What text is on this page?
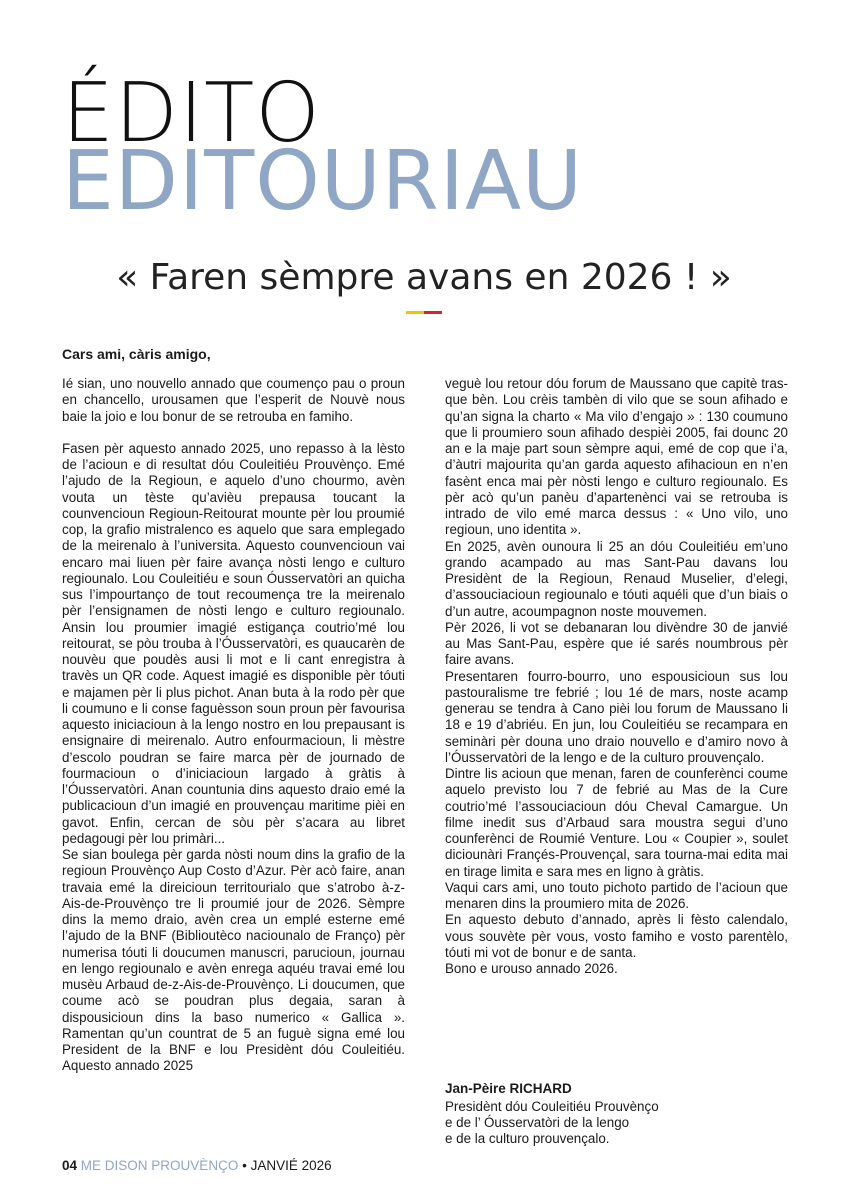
ÉDITO
EDITOURIAU
« Faren sèmpre avans en 2026 ! »
Cars ami, càris amigo,

Ié sian, uno nouvello annado que coumenço pau o proun en chancello, urousamen que l’esperit de Nouvè nous baie la joio e lou bonur de se retrouba en famiho.

Fasen pèr aquesto annado 2025, uno repasso à la lèsto de l’acioun e di resultat dóu Couleitiéu Prouvènço. Emé l’ajudo de la Regioun, e aquelo d’uno chourmo, avèn vouta un tèste qu’avièu prepausa toucant la counvencioun Regioun-Reitourat mounte pèr lou proumié cop, la grafio mistralenco es aquelo que sara emplegado de la meirenalo à l’universita. Aquesto counvencioun vai encaro mai liuen pèr faire avança nòsti lengo e culturo regiounalo. Lou Couleitiéu e soun Óusservatòri an quicha sus l’impourtanço de tout recoumença tre la meirenalo pèr l’ensignamen de nòsti lengo e culturo regiounalo. Ansin lou proumier imagié estigança coutrio’mé lou reitourat, se pòu trouba à l’Óusservatòri, es quaucarèn de nouvèu que poudès ausi li mot e li cant enregistra à travès un QR code. Aquest imagié es disponible pèr tóuti e majamen pèr li plus pichot. Anan buta à la rodo pèr que li coumuno e li conse faguèsson soun proun pèr favourisa aquesto iniciacioun à la lengo nostro en lou prepausant is ensignaire di meirenalo. Autro enfourmacioun, li mèstre d’escolo poudran se faire marca pèr de journado de fourmacioun o d’iniciacioun largado à gràtis à l’Óusservatòri. Anan countunia dins aquesto draio emé la publicacioun d’un imagié en prouvençau maritime pièi en gavot. Enfin, cercan de sòu pèr s’acara au libret pedagougi pèr lou primàri...

Se sian boulega pèr garda nòsti noum dins la grafio de la regioun Prouvènço Aup Costo d’Azur. Pèr acò faire, anan travaia emé la direicioun territourialo que s’atrobo à-z-Ais-de-Prouvènço tre li proumié jour de 2026. Sèmpre dins la memo draio, avèn crea un emplé esterne emé l’ajudo de la BNF (Biblioutèco naciounalo de Franço) pèr numerisa tóuti li doucumen manuscri, parucioun, journau en lengo regiounalo e avèn enrega aquéu travai emé lou musèu Arbaud de-z-Ais-de-Prouvènço. Li doucumen, que coume acò se poudran plus degaia, saran à dispousicioun dins la baso numerico « Gallica ». Ramentan qu’un countrat de 5 an fuguè signa emé lou President de la BNF e lou Presidènt dóu Couleitiéu. Aquesto annado 2025

veguè lou retour dóu forum de Maussano que capitè tras-que bèn. Lou crèis tambèn di vilo que se soun afihado e qu’an signa la charto « Ma vilo d’engajo » : 130 coumuno que li proumiero soun afihado despièi 2005, fai dounc 20 an e la maje part soun sèmpre aqui, emé de cop que i’a, d’àutri majourita qu’an garda aquesto afihacioun en n’en fasènt enca mai pèr nòsti lengo e culturo regiounalo. Es pèr acò qu’un panèu d’apartenènci vai se retrouba is intrado de vilo emé marca dessus : « Uno vilo, uno regioun, uno identita ».

En 2025, avèn ounoura li 25 an dóu Couleitiéu em’uno grando acampado au mas Sant-Pau davans lou Presidènt de la Regioun, Renaud Muselier, d’elegi, d’assouciacioun regiounalo e tóuti aquéli que d’un biais o d’un autre, acoumpagnon noste mouvemen.

Pèr 2026, li vot se debanaran lou divèndre 30 de janvié au Mas Sant-Pau, espère que ié sarés noumbrous pèr faire avans.

Presentaren fourro-bourro, uno espousicioun sus lou pastouralisme tre febrié ; lou 1é de mars, noste acamp generau se tendra à Cano pièi lou forum de Maussano li 18 e 19 d’abriéu. En jun, lou Couleitiéu se recampara en seminàri pèr douna uno draio nouvello e d’amiro novo à l’Óusservatòri de la lengo e de la culturo prouvençalo.

Dintre lis acioun que menan, faren de counferènci coume aquelo previsto lou 7 de febrié au Mas de la Cure coutrio’mé l’assouciacioun dóu Cheval Camargue. Un filme inedit sus d’Arbaud sara moustra segui d’uno counferènci de Roumié Venture. Lou « Coupier », soulet diciounàri Françés-Prouvençal, sara tourna-mai edita mai en tirage limita e sara mes en ligno à gràtis.

Vaqui cars ami, uno touto pichoto partido de l’acioun que menaren dins la proumiero mita de 2026.

En aquesto debuto d’annado, après li fèsto calendalo, vous souvète pèr vous, vosto famiho e vosto parentèlo, tóuti mi vot de bonur e de santa.

Bono e urouso annado 2026.

Jan-Pèire RICHARD
Presidènt dóu Couleitiéu Prouvènço
e de l’ Óusservatòri de la lengo
e de la culturo prouvençalo.
04 ME DISON PROUVÈNÇO • JANVIÉ 2026
